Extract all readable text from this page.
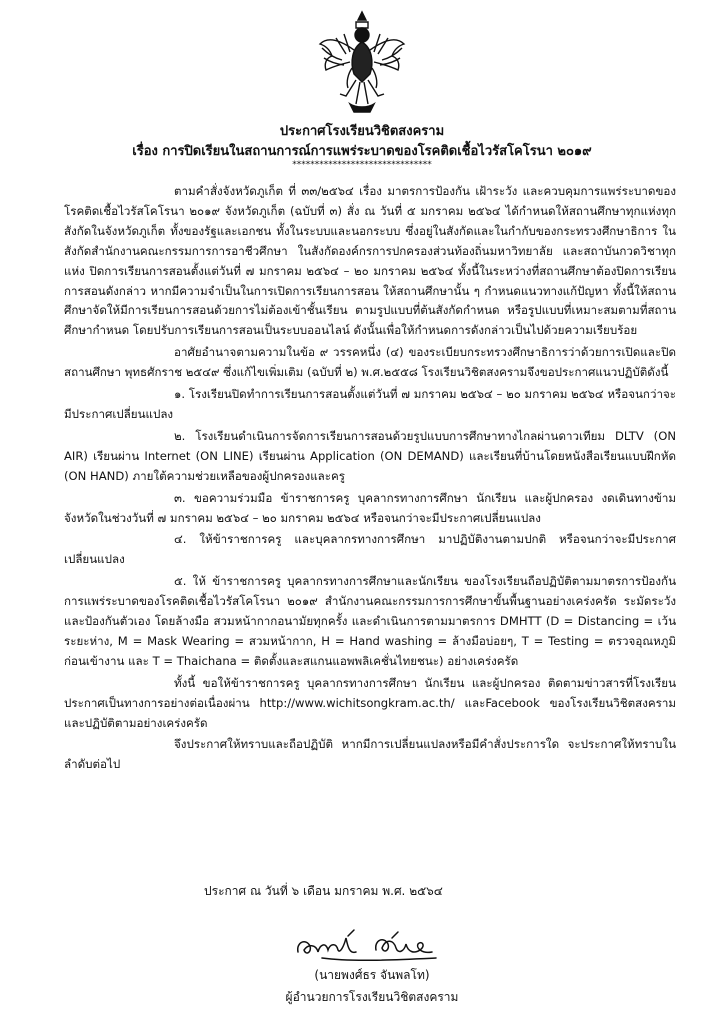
ประกาศโรงเรียนวิชิตสงคราม
เรื่อง การปิดเรียนในสถานการณ์การแพร่ระบาดของโรคติดเชื้อไวรัสโคโรนา ๒๐๑๙
*******************************

ตามคำสั่งจังหวัดภูเก็ต ที่ ๓๓/๒๕๖๔ เรื่อง มาตรการป้องกัน เฝ้าระวัง และควบคุมการแพร่ระบาดของโรคติดเชื้อไวรัสโคโรนา ๒๐๑๙ จังหวัดภูเก็ต (ฉบับที่ ๓) สั่ง ณ วันที่ ๕ มกราคม ๒๕๖๔ ได้กำหนดให้สถานศึกษาทุกแห่งทุกสังกัดในจังหวัดภูเก็ต ทั้งของรัฐและเอกชน ทั้งในระบบและนอกระบบ ซึ่งอยู่ในสังกัดและในกำกับของกระทรวงศึกษาธิการ ในสังกัดสำนักงานคณะกรรมการการอาชีวศึกษา ในสังกัดองค์กรการปกครองส่วนท้องถิ่นมหาวิทยาลัย และสถาบันกวดวิชาทุกแห่ง ปิดการเรียนการสอนตั้งแต่วันที่ ๗ มกราคม ๒๕๖๔ – ๒๐ มกราคม ๒๕๖๔ ทั้งนี้ในระหว่างที่สถานศึกษาต้องปิดการเรียนการสอนดังกล่าว หากมีความจำเป็นในการเปิดการเรียนการสอน ให้สถานศึกษานั้น ๆ กำหนดแนวทางแก้ปัญหา ทั้งนี้ให้สถานศึกษาจัดให้มีการเรียนการสอนด้วยการไม่ต้องเข้าชั้นเรียน ตามรูปแบบที่ต้นสังกัดกำหนด หรือรูปแบบที่เหมาะสมตามที่สถานศึกษากำหนด โดยปรับการเรียนการสอนเป็นระบบออนไลน์ ดังนั้นเพื่อให้กำหนดการดังกล่าวเป็นไปด้วยความเรียบร้อย

อาศัยอำนาจตามความในข้อ ๙ วรรคหนึ่ง (๔) ของระเบียบกระทรวงศึกษาธิการว่าด้วยการเปิดและปิดสถานศึกษา พุทธศักราช ๒๕๔๙ ซึ่งแก้ไขเพิ่มเติม (ฉบับที่ ๒) พ.ศ.๒๕๕๘ โรงเรียนวิชิตสงครามจึงขอประกาศแนวปฏิบัติดังนี้

๑. โรงเรียนปิดทำการเรียนการสอนตั้งแต่วันที่ ๗ มกราคม ๒๕๖๔ – ๒๐ มกราคม ๒๕๖๔ หรือจนกว่าจะมีประกาศเปลี่ยนแปลง

๒. โรงเรียนดำเนินการจัดการเรียนการสอนด้วยรูปแบบการศึกษาทางไกลผ่านดาวเทียม DLTV (ON AIR) เรียนผ่าน Internet (ON LINE) เรียนผ่าน Application (ON DEMAND) และเรียนที่บ้านโดยหนังสือเรียนแบบฝึกหัด (ON HAND) ภายใต้ความช่วยเหลือของผู้ปกครองและครู

๓. ขอความร่วมมือ ข้าราชการครู บุคลากรทางการศึกษา นักเรียน และผู้ปกครอง งดเดินทางข้ามจังหวัดในช่วงวันที่ ๗ มกราคม ๒๕๖๔ – ๒๐ มกราคม ๒๕๖๔ หรือจนกว่าจะมีประกาศเปลี่ยนแปลง

๔. ให้ข้าราชการครู และบุคลากรทางการศึกษา มาปฏิบัติงานตามปกติ หรือจนกว่าจะมีประกาศเปลี่ยนแปลง

๕. ให้ ข้าราชการครู บุคลากรทางการศึกษาและนักเรียน ของโรงเรียนถือปฏิบัติตามมาตรการป้องกันการแพร่ระบาดของโรคติดเชื้อไวรัสโคโรนา ๒๐๑๙ สำนักงานคณะกรรมการการศึกษาขั้นพื้นฐานอย่างเคร่งครัด ระมัดระวังและป้องกันตัวเอง โดยล้างมือ สวมหน้ากากอนามัยทุกครั้ง และดำเนินการตามมาตรการ DMHTT (D = Distancing = เว้นระยะห่าง, M = Mask Wearing = สวมหน้ากาก, H = Hand washing = ล้างมือบ่อยๆ, T = Testing = ตรวจอุณหภูมิก่อนเข้างาน และ T = Thaichana = ติดตั้งและสแกนแอพพลิเคชั่นไทยชนะ) อย่างเคร่งครัด

ทั้งนี้ ขอให้ข้าราชการครู บุคลากรทางการศึกษา นักเรียน และผู้ปกครอง ติดตามข่าวสารที่โรงเรียนประกาศเป็นทางการอย่างต่อเนื่องผ่าน http://www.wichitsongkram.ac.th/ และFacebook ของโรงเรียนวิชิตสงคราม และปฏิบัติตามอย่างเคร่งครัด

จึงประกาศให้ทราบและถือปฏิบัติ หากมีการเปลี่ยนแปลงหรือมีคำสั่งประการใด จะประกาศให้ทราบในลำดับต่อไป

ประกาศ ณ วันที่ ๖ เดือน มกราคม พ.ศ. ๒๕๖๔
(นายพงศ์ธร จันพลโท)
ผู้อำนวยการโรงเรียนวิชิตสงคราม
